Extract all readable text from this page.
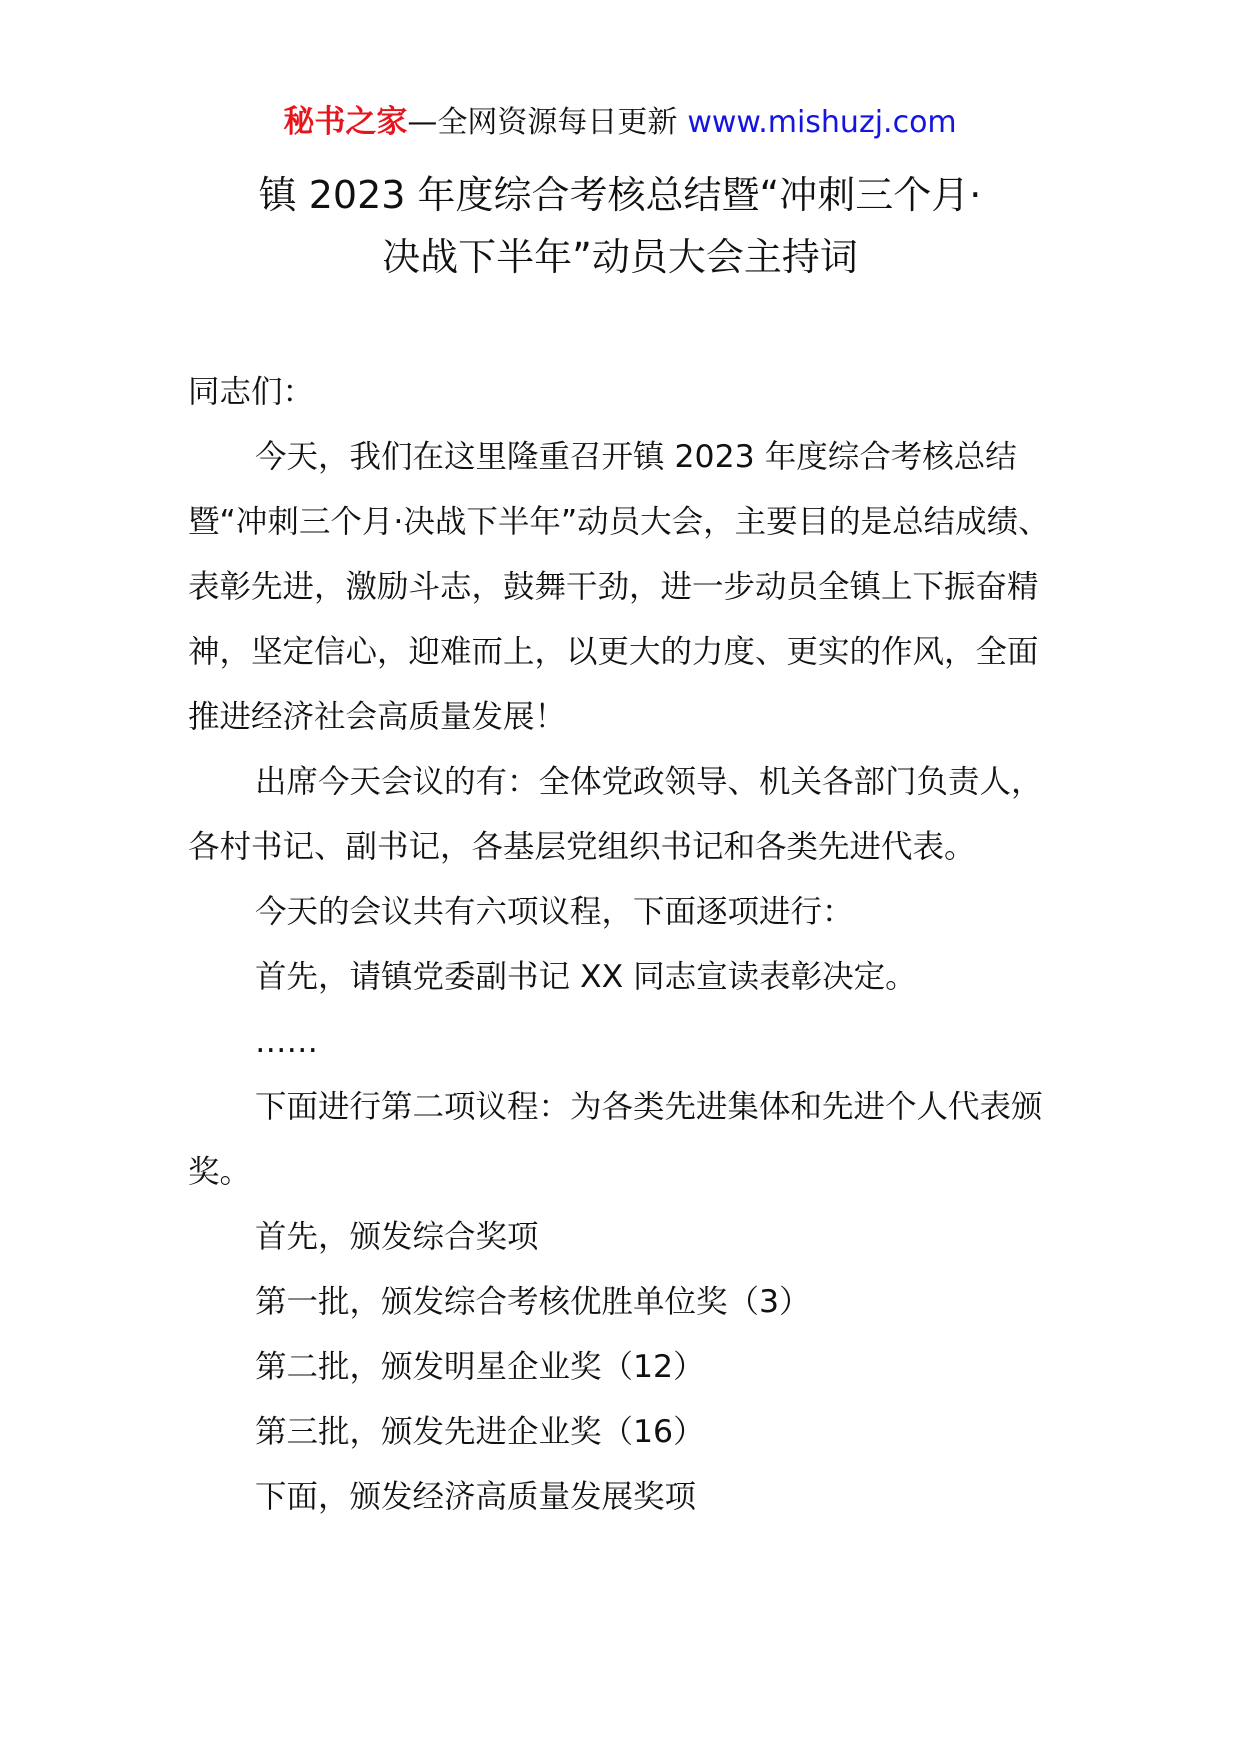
秘书之家—全网资源每日更新 www.mishuzj.com
镇 2023 年度综合考核总结暨“冲刺三个月·
决战下半年”动员大会主持词

同志们：

今天，我们在这里隆重召开镇 2023 年度综合考核总结暨“冲刺三个月·决战下半年”动员大会，主要目的是总结成绩、表彰先进，激励斗志，鼓舞干劲，进一步动员全镇上下振奋精神，坚定信心，迎难而上，以更大的力度、更实的作风，全面推进经济社会高质量发展！

出席今天会议的有：全体党政领导、机关各部门负责人，各村书记、副书记，各基层党组织书记和各类先进代表。

今天的会议共有六项议程，下面逐项进行：

首先，请镇党委副书记 XX 同志宣读表彰决定。

……

下面进行第二项议程：为各类先进集体和先进个人代表颁奖。

首先，颁发综合奖项

第一批，颁发综合考核优胜单位奖（3）

第二批，颁发明星企业奖（12）

第三批，颁发先进企业奖（16）

下面，颁发经济高质量发展奖项
